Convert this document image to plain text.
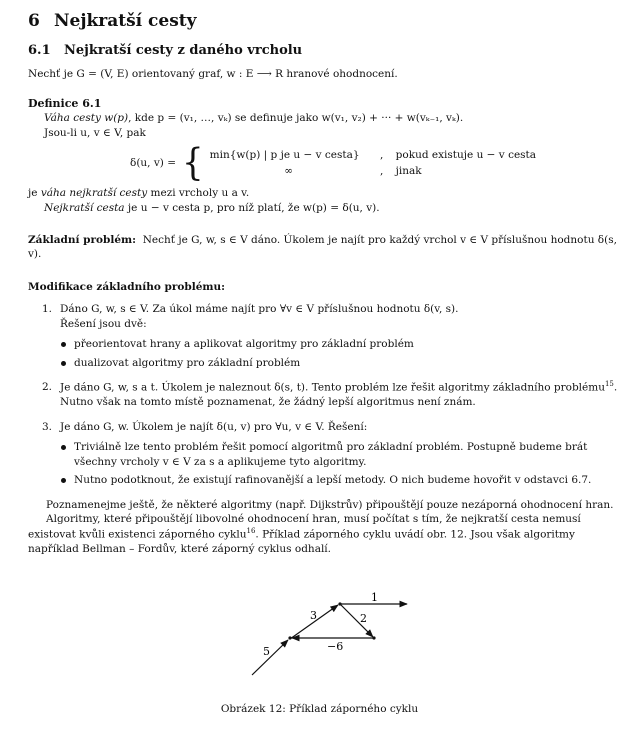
6 Nejkratší cesty
6.1 Nejkratší cesty z daného vrcholu

Nechť je G = (V, E) orientovaný graf, w : E ⟶ R hranové ohodnocení.

Definice 6.1

Váha cesty w(p), kde p = (v₁, …, vₖ) se definuje jako w(v₁, v₂) + ··· + w(vₖ₋₁, vₖ).

Jsou-li u, v ∈ V, pak

δ(u, v) = { min{w(p) | p je u − v cesta}	,	pokud existuje u − v cesta
∞	,	jinak

je váha nejkratší cesty mezi vrcholy u a v.

Nejkratší cesta je u − v cesta p, pro níž platí, že w(p) = δ(u, v).

Základní problém: Nechť je G, w, s ∈ V dáno. Úkolem je najít pro každý vrchol v ∈ V příslušnou hodnotu δ(s, v).

Modifikace základního problému:
1. Dáno G, w, s ∈ V. Za úkol máme najít pro ∀v ∈ V příslušnou hodnotu δ(v, s).
Řešení jsou dvě:
přeorientovat hrany a aplikovat algoritmy pro základní problém
dualizovat algoritmy pro základní problém
2. Je dáno G, w, s a t. Úkolem je naleznout δ(s, t). Tento problém lze řešit algoritmy základního problému$^{15}$. Nutno však na tomto místě poznamenat, že žádný lepší algoritmus není znám.
3. Je dáno G, w. Úkolem je najít δ(u, v) pro ∀u, v ∈ V. Řešení:
Triviálně lze tento problém řešit pomocí algoritmů pro základní problém. Postupně budeme brát všechny vrcholy v ∈ V za s a aplikujeme tyto algoritmy.
Nutno podotknout, že existují rafinovanější a lepší metody. O nich budeme hovořit v odstavci 6.7.

Poznamenejme ještě, že některé algoritmy (např. Dijkstrův) připouštějí pouze nezáporná ohodnocení hran.

Algoritmy, které připouštějí libovolné ohodnocení hran, musí počítat s tím, že nejkratší cesta nemusí existovat kvůli existenci záporného cyklu$^{16}$. Příklad záporného cyklu uvádí obr. 12. Jsou však algoritmy například Bellman – Fordův, které záporný cyklus odhalí.

1
3	2
−6
5
Obrázek 12: Příklad záporného cyklu
